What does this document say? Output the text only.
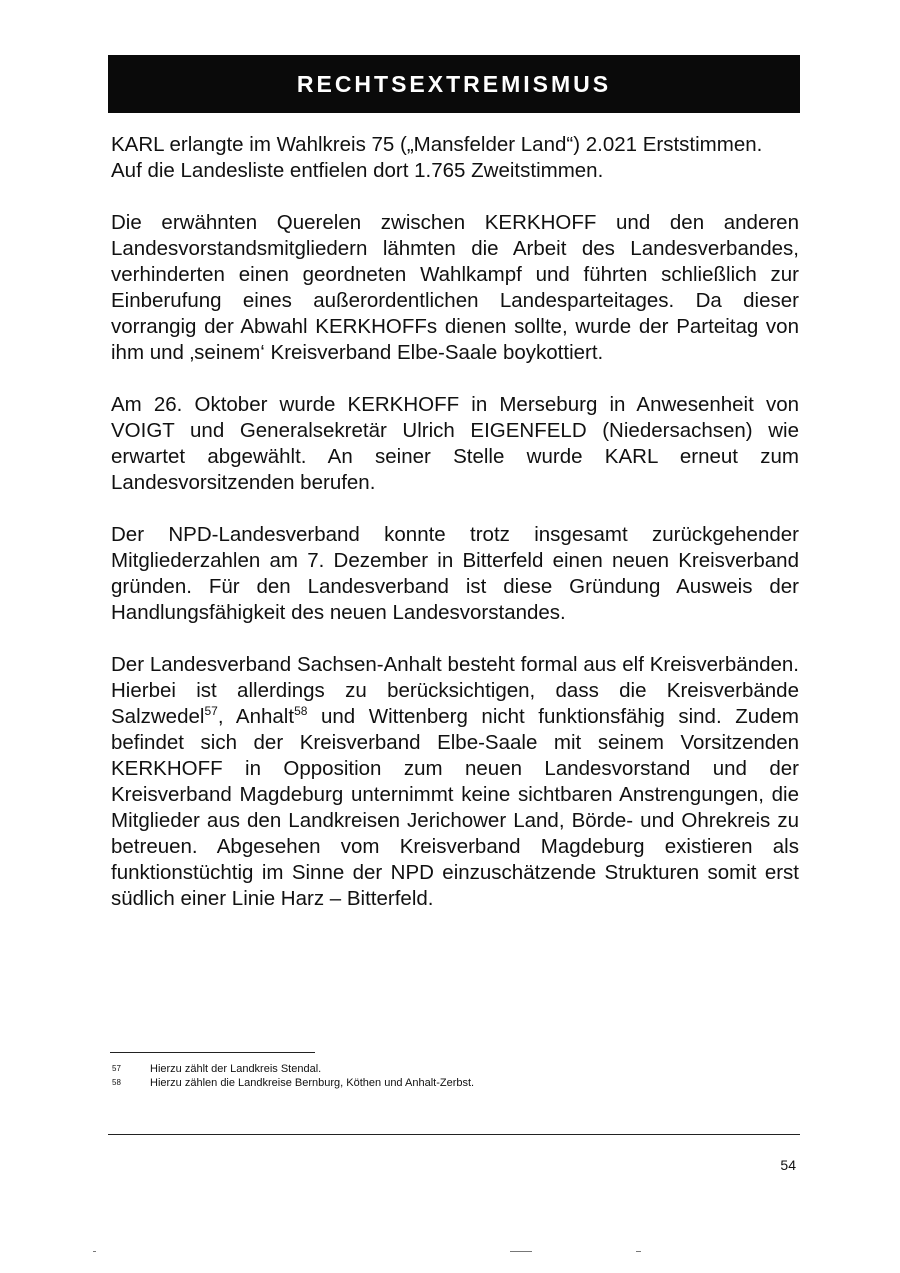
RECHTSEXTREMISMUS

KARL erlangte im Wahlkreis 75 („Mansfelder Land“) 2.021 Erststimmen.

Auf die Landesliste entfielen dort 1.765 Zweitstimmen.

Die erwähnten Querelen zwischen KERKHOFF und den anderen Landesvorstandsmitgliedern lähmten die Arbeit des Landesverbandes, verhinderten einen geordneten Wahlkampf und führten schließlich zur Einberufung eines außerordentlichen Landesparteitages. Da dieser vorrangig der Abwahl KERKHOFFs dienen sollte, wurde der Parteitag von ihm und ‚seinem‘ Kreisverband Elbe-Saale boykottiert.

Am 26. Oktober wurde KERKHOFF in Merseburg in Anwesenheit von VOIGT und Generalsekretär Ulrich EIGENFELD (Niedersachsen) wie erwartet abgewählt. An seiner Stelle wurde KARL erneut zum Landesvorsitzenden berufen.

Der NPD-Landesverband konnte trotz insgesamt zurückgehender Mitgliederzahlen am 7. Dezember in Bitterfeld einen neuen Kreisverband gründen. Für den Landesverband ist diese Gründung Ausweis der Handlungsfähigkeit des neuen Landesvorstandes.

Der Landesverband Sachsen-Anhalt besteht formal aus elf Kreisverbänden. Hierbei ist allerdings zu berücksichtigen, dass die Kreisverbände Salzwedel$^{57}$, Anhalt$^{58}$ und Wittenberg nicht funktionsfähig sind. Zudem befindet sich der Kreisverband Elbe-Saale mit seinem Vorsitzenden KERKHOFF in Opposition zum neuen Landesvorstand und der Kreisverband Magdeburg unternimmt keine sichtbaren Anstrengungen, die Mitglieder aus den Landkreisen Jerichower Land, Börde- und Ohrekreis zu betreuen. Abgesehen vom Kreisverband Magdeburg existieren als funktionstüchtig im Sinne der NPD einzuschätzende Strukturen somit erst südlich einer Linie Harz – Bitterfeld.

57	Hierzu zählt der Landkreis Stendal.
58	Hierzu zählen die Landkreise Bernburg, Köthen und Anhalt-Zerbst.
54
